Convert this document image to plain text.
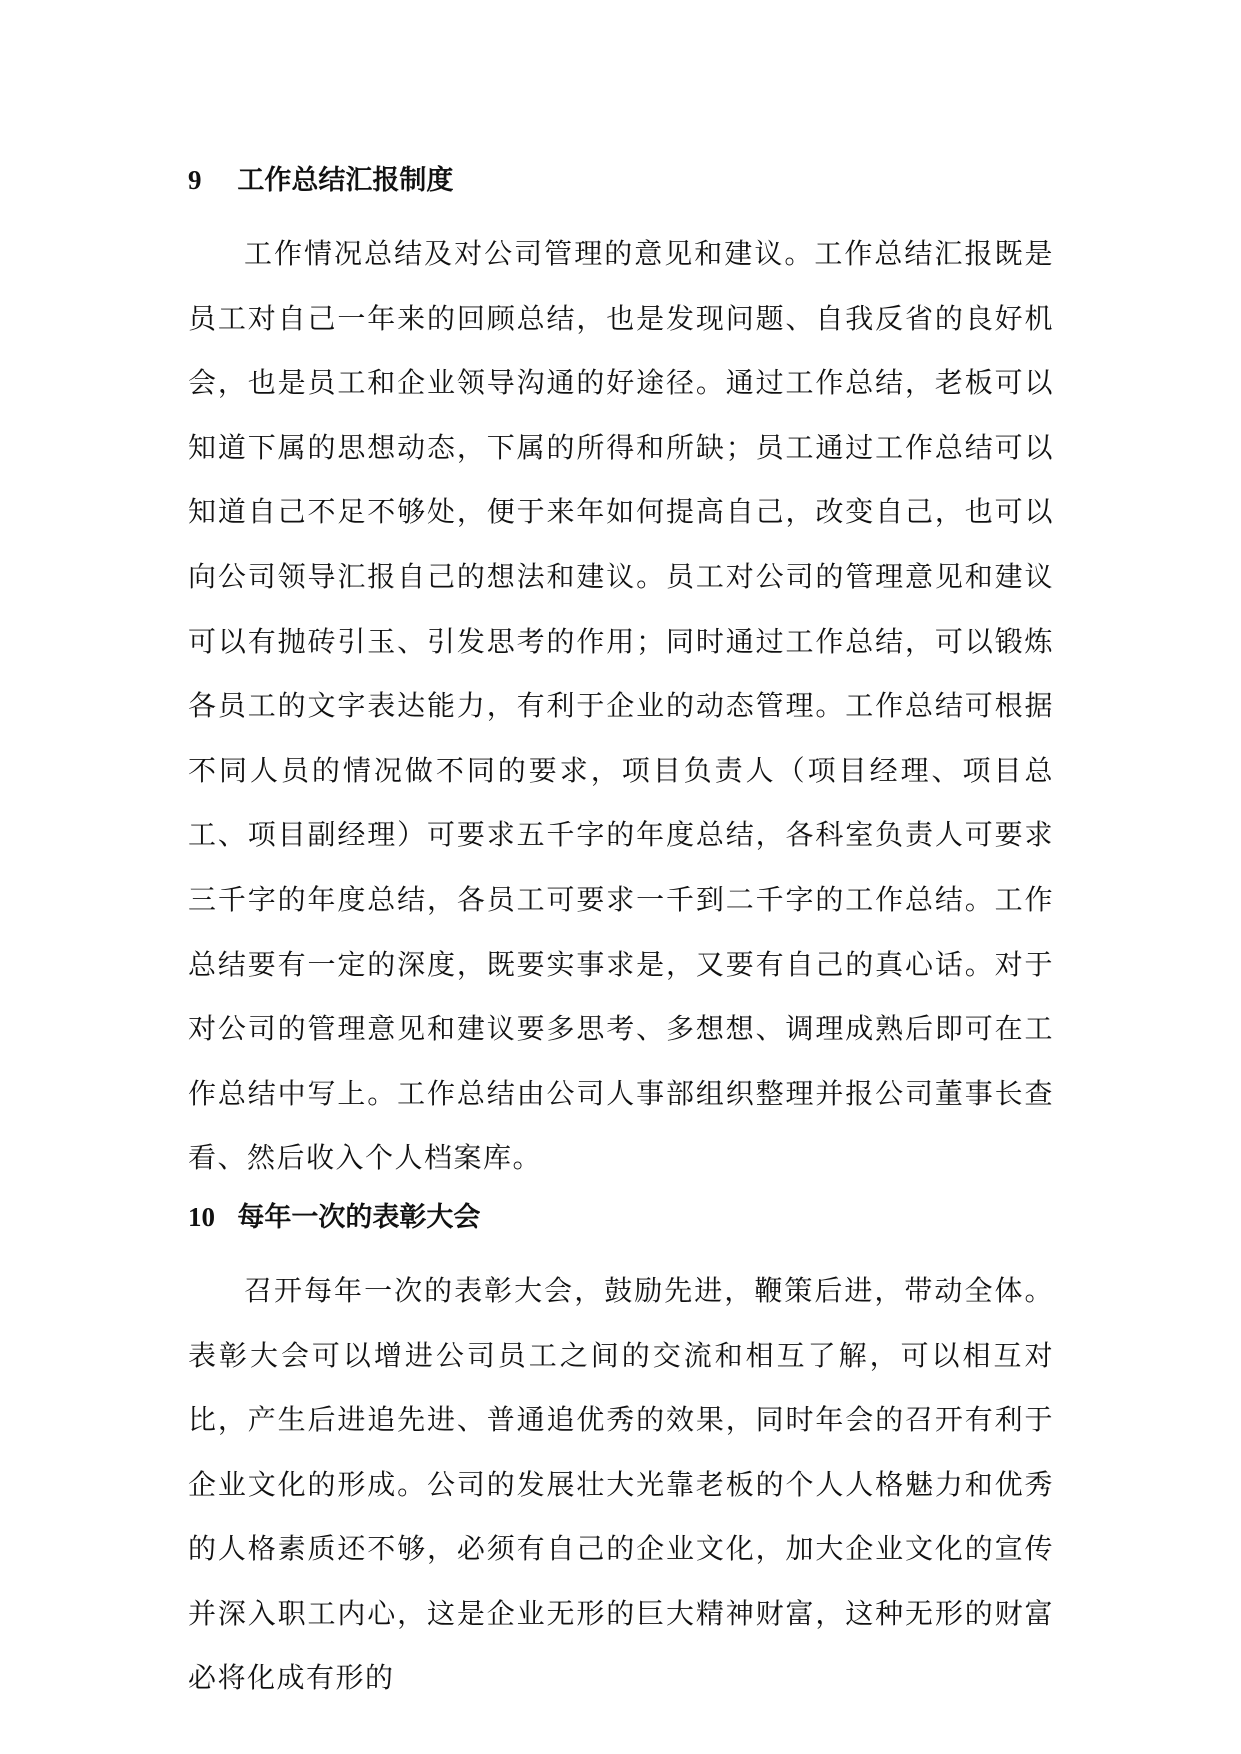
9 工作总结汇报制度

工作情况总结及对公司管理的意见和建议。工作总结汇报既是员工对自己一年来的回顾总结，也是发现问题、自我反省的良好机会，也是员工和企业领导沟通的好途径。通过工作总结，老板可以知道下属的思想动态，下属的所得和所缺；员工通过工作总结可以知道自己不足不够处，便于来年如何提高自己，改变自己，也可以向公司领导汇报自己的想法和建议。员工对公司的管理意见和建议可以有抛砖引玉、引发思考的作用；同时通过工作总结，可以锻炼各员工的文字表达能力，有利于企业的动态管理。工作总结可根据不同人员的情况做不同的要求，项目负责人（项目经理、项目总工、项目副经理）可要求五千字的年度总结，各科室负责人可要求三千字的年度总结，各员工可要求一千到二千字的工作总结。工作总结要有一定的深度，既要实事求是，又要有自己的真心话。对于对公司的管理意见和建议要多思考、多想想、调理成熟后即可在工作总结中写上。工作总结由公司人事部组织整理并报公司董事长查看、然后收入个人档案库。

10 每年一次的表彰大会

召开每年一次的表彰大会，鼓励先进，鞭策后进，带动全体。表彰大会可以增进公司员工之间的交流和相互了解，可以相互对比，产生后进追先进、普通追优秀的效果，同时年会的召开有利于企业文化的形成。公司的发展壮大光靠老板的个人人格魅力和优秀的人格素质还不够，必须有自己的企业文化，加大企业文化的宣传并深入职工内心，这是企业无形的巨大精神财富，这种无形的财富必将化成有形的
